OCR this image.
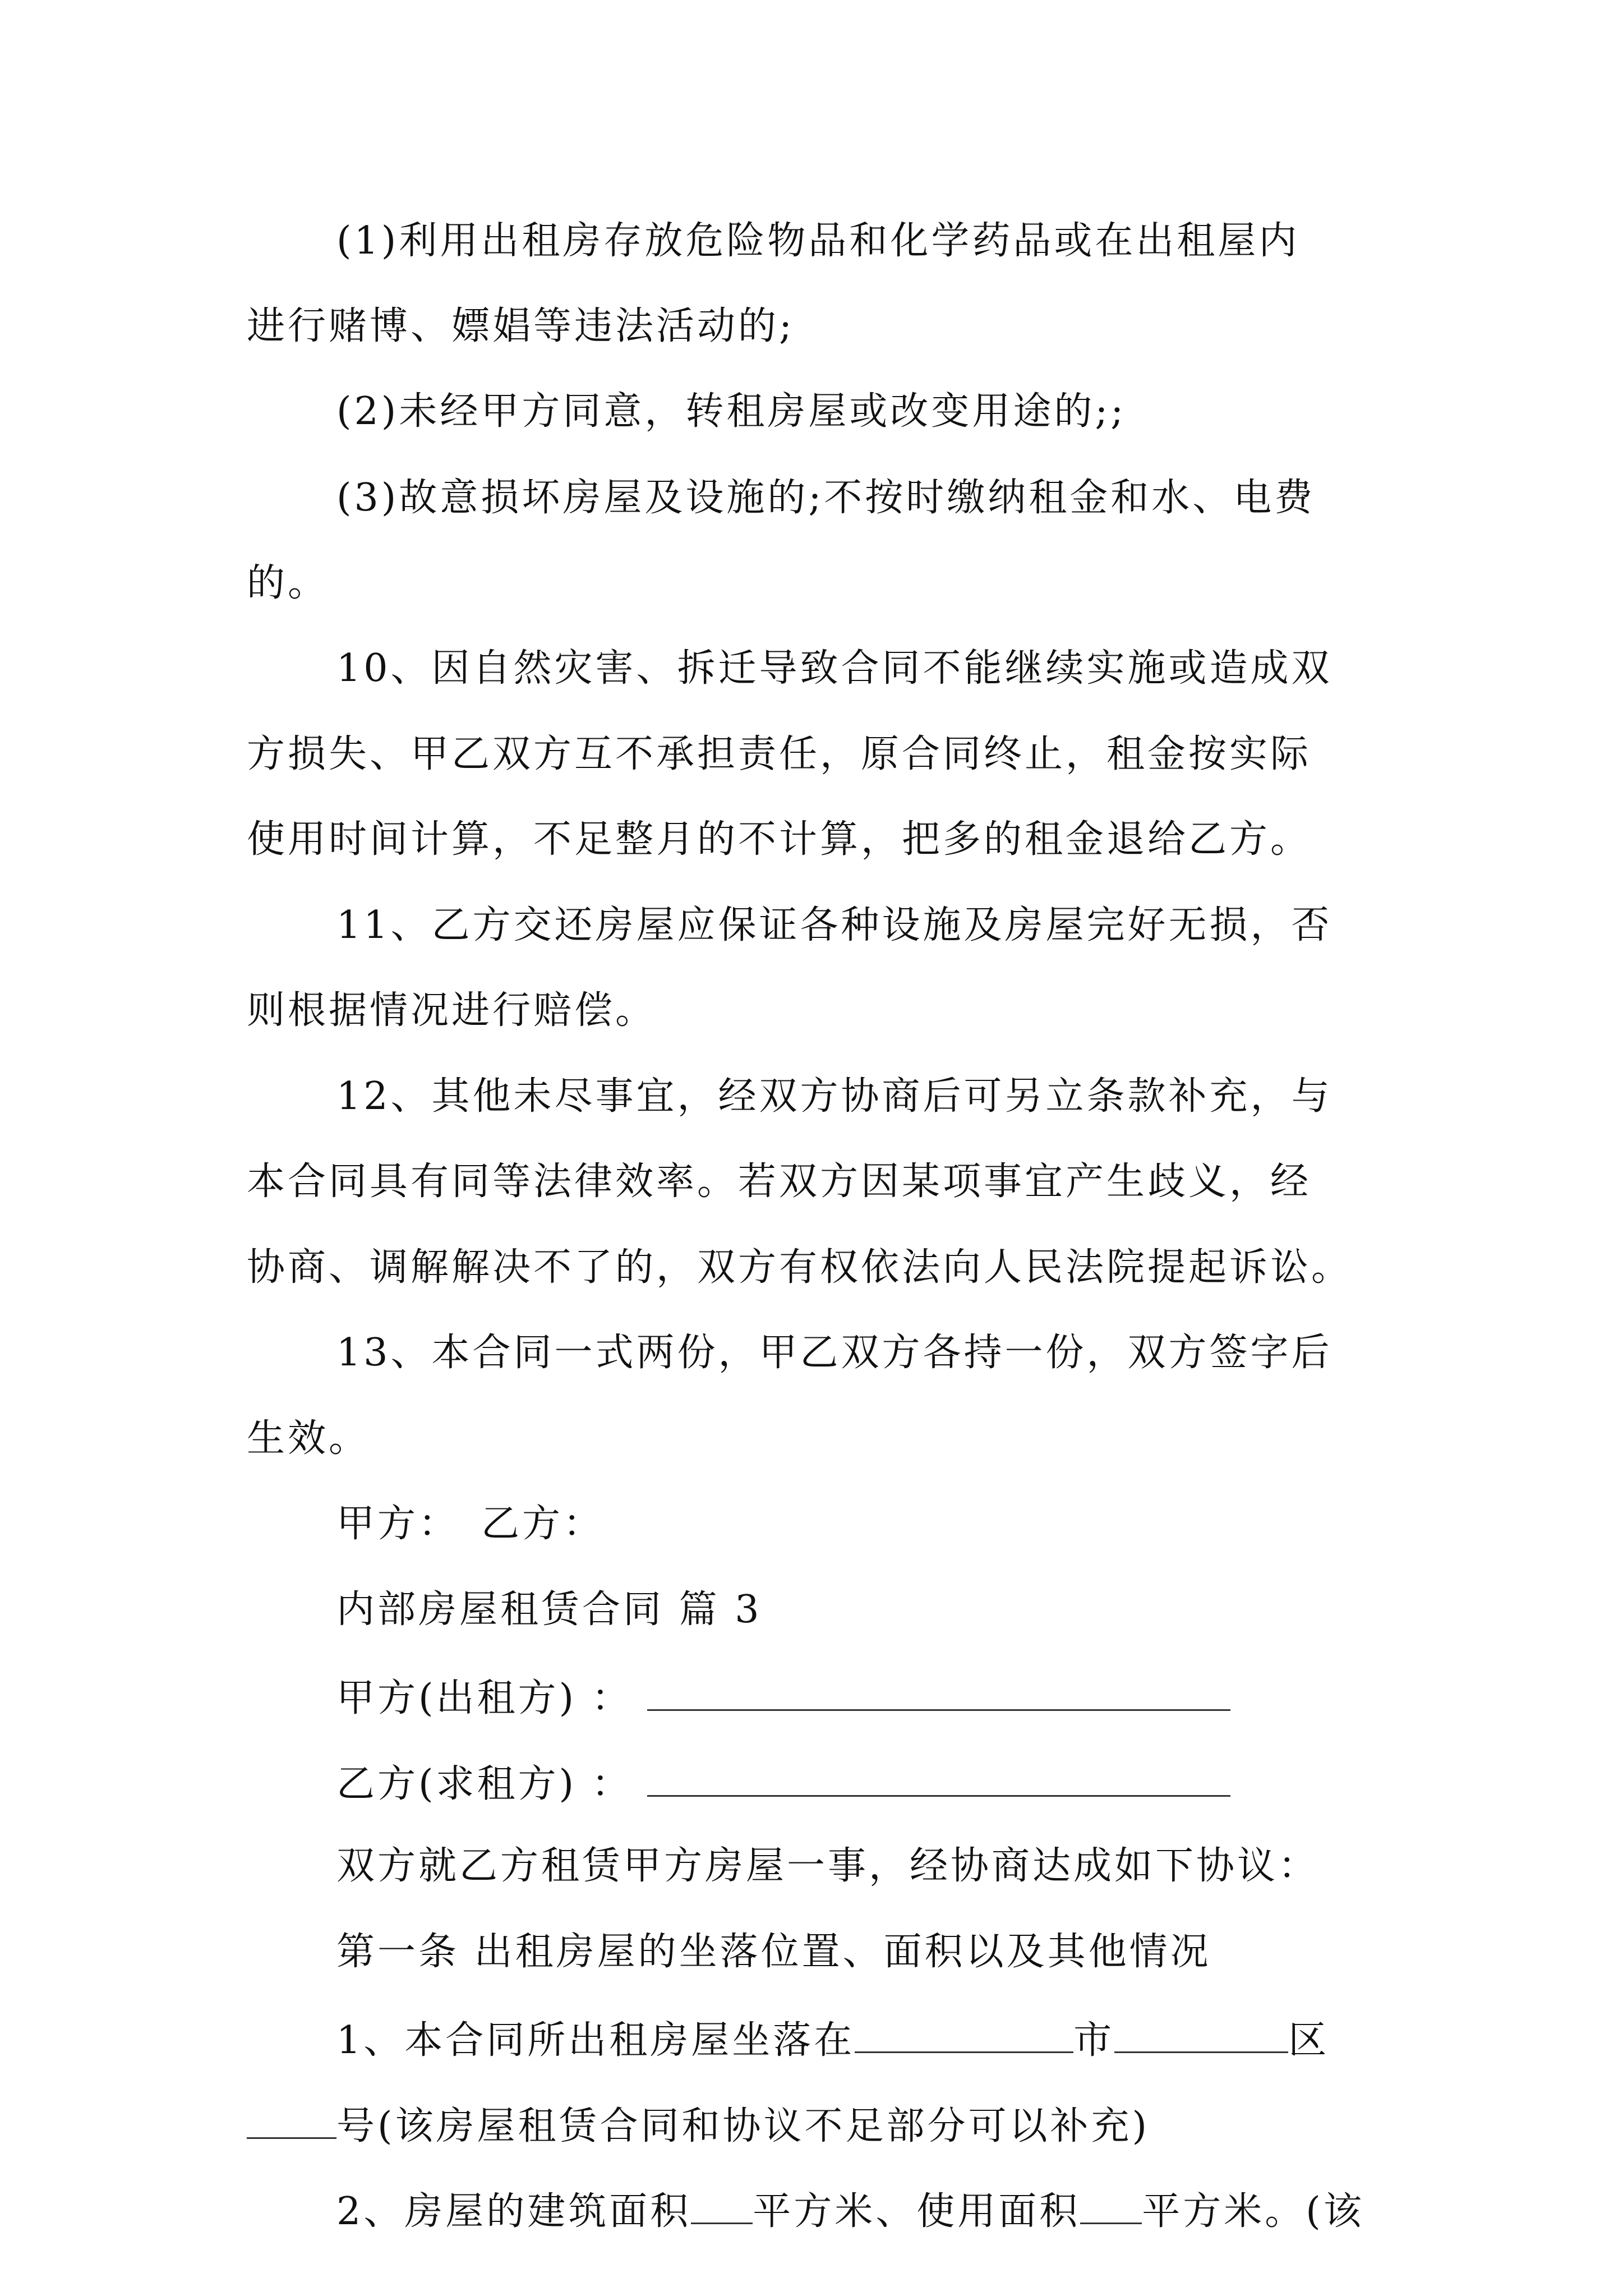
(1)利用出租房存放危险物品和化学药品或在出租屋内
进行赌博、嫖娼等违法活动的;
(2)未经甲方同意，转租房屋或改变用途的;;
(3)故意损坏房屋及设施的;不按时缴纳租金和水、电费
的。
10、因自然灾害、拆迁导致合同不能继续实施或造成双
方损失、甲乙双方互不承担责任，原合同终止，租金按实际
使用时间计算，不足整月的不计算，把多的租金退给乙方。
11、乙方交还房屋应保证各种设施及房屋完好无损，否
则根据情况进行赔偿。
12、其他未尽事宜，经双方协商后可另立条款补充，与
本合同具有同等法律效率。若双方因某项事宜产生歧义，经
协商、调解解决不了的，双方有权依法向人民法院提起诉讼。
13、本合同一式两份，甲乙双方各持一份，双方签字后
生效。
甲方：　乙方：
内部房屋租赁合同 篇 3
甲方(出租方) ：
乙方(求租方) ：
双方就乙方租赁甲方房屋一事，经协商达成如下协议：
第一条 出租房屋的坐落位置、面积以及其他情况
1、本合同所出租房屋坐落在	市	区
号(该房屋租赁合同和协议不足部分可以补充)
2、房屋的建筑面积 平方米、使用面积 平方米。(该
